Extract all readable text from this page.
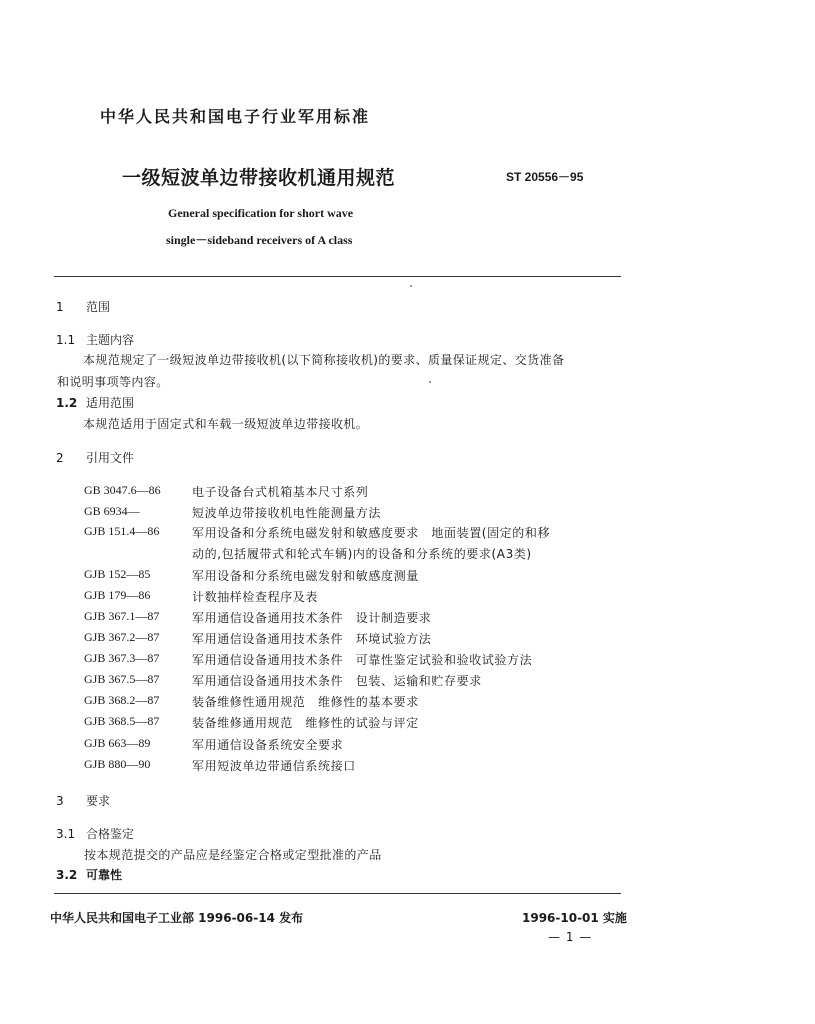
中华人民共和国电子行业军用标准
一级短波单边带接收机通用规范	ST 20556－95
General specification for short wave
single－sideband receivers of A class
1 范围
1.1 主题内容
本规范规定了一级短波单边带接收机(以下简称接收机)的要求、质量保证规定、交货准备
和说明事项等内容。
1.2 适用范围
本规范适用于固定式和车载一级短波单边带接收机。
2 引用文件
GB 3047.6—86	电子设备台式机箱基本尺寸系列
GB 6934—	短波单边带接收机电性能测量方法
GJB 151.4—86	军用设备和分系统电磁发射和敏感度要求　地面装置(固定的和移
动的,包括履带式和轮式车辆)内的设备和分系统的要求(A3类)
GJB 152—85	军用设备和分系统电磁发射和敏感度测量
GJB 179—86	计数抽样检查程序及表
GJB 367.1—87	军用通信设备通用技术条件　设计制造要求
GJB 367.2—87	军用通信设备通用技术条件　环境试验方法
GJB 367.3—87	军用通信设备通用技术条件　可靠性鉴定试验和验收试验方法
GJB 367.5—87	军用通信设备通用技术条件　包装、运输和贮存要求
GJB 368.2—87	装备维修性通用规范　维修性的基本要求
GJB 368.5—87	装备维修通用规范　维修性的试验与评定
GJB 663—89	军用通信设备系统安全要求
GJB 880—90	军用短波单边带通信系统接口
3 要求
3.1 合格鉴定
按本规范提交的产品应是经鉴定合格或定型批准的产品
3.2 可靠性
中华人民共和国电子工业部 1996-06-14 发布	1996-10-01 实施
— 1 —
